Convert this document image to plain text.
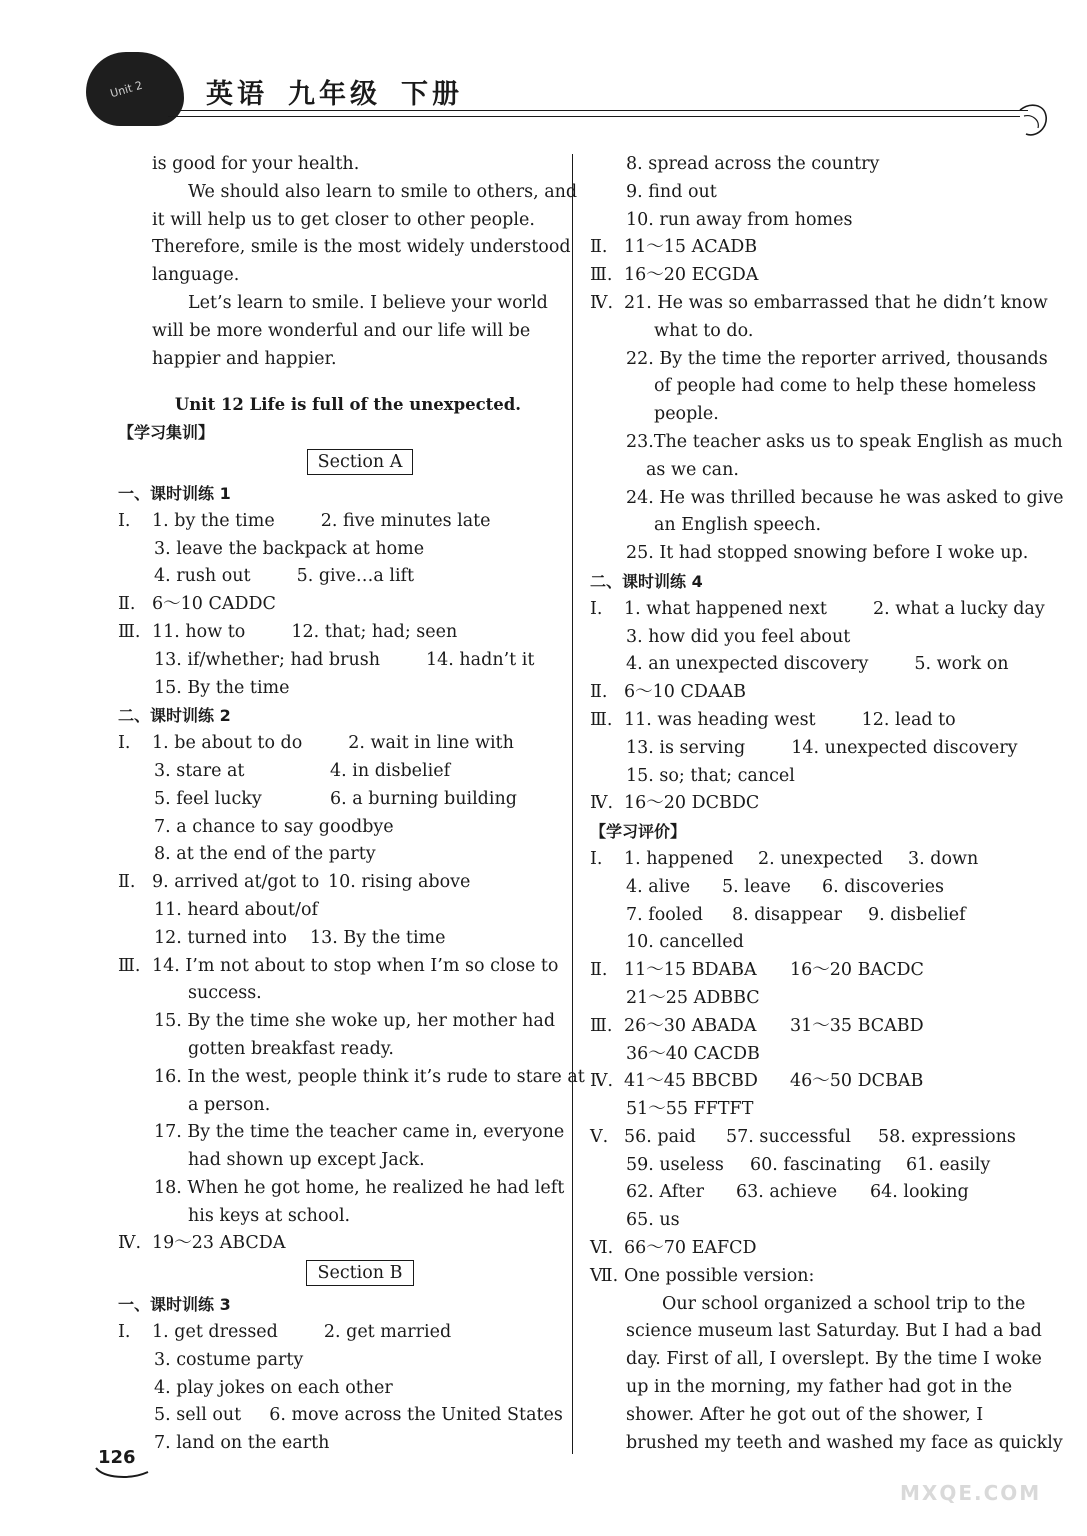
Unit 2 英语 九年级 下册
is good for your health.
We should also learn to smile to others, and
it will help us to get closer to other people.
Therefore, smile is the most widely understood
language.
Let’s learn to smile. I believe your world
will be more wonderful and our life will be
happier and happier.
Unit 12 Life is full of the unexpected.
【学习集训】
Section A
一、课时训练 1
Ⅰ. 1. by the time	2. five minutes late
3. leave the backpack at home
4. rush out	5. give…a lift
Ⅱ. 6～10 CADDC
Ⅲ. 11. how to	12. that; had; seen
13. if/whether; had brush	14. hadn’t it
15. By the time
二、课时训练 2
Ⅰ. 1. be about to do	2. wait in line with
3. stare at	4. in disbelief
5. feel lucky	6. a burning building
7. a chance to say goodbye
8. at the end of the party
Ⅱ. 9. arrived at/got to 10. rising above
11. heard about/of
12. turned into 13. By the time
Ⅲ. 14. I’m not about to stop when I’m so close to
success.
15. By the time she woke up, her mother had
gotten breakfast ready.
16. In the west, people think it’s rude to stare at
a person.
17. By the time the teacher came in, everyone
had shown up except Jack.
18. When he got home, he realized he had left
his keys at school.
Ⅳ. 19～23 ABCDA
Section B
一、课时训练 3
Ⅰ. 1. get dressed	2. get married
3. costume party
4. play jokes on each other
5. sell out 6. move across the United States
7. land on the earth
8. spread across the country
9. find out
10. run away from homes
Ⅱ. 11～15 ACADB
Ⅲ. 16～20 ECGDA
Ⅳ. 21. He was so embarrassed that he didn’t know
what to do.
22. By the time the reporter arrived, thousands
of people had come to help these homeless
people.
23.The teacher asks us to speak English as much
as we can.
24. He was thrilled because he was asked to give
an English speech.
25. It had stopped snowing before I woke up.
二、课时训练 4
Ⅰ. 1. what happened next	2. what a lucky day
3. how did you feel about
4. an unexpected discovery	5. work on
Ⅱ. 6～10 CDAAB
Ⅲ. 11. was heading west	12. lead to
13. is serving	14. unexpected discovery
15. so; that; cancel
Ⅳ. 16～20 DCBDC
【学习评价】
Ⅰ. 1. happened 2. unexpected 3. down
4. alive 5. leave 6. discoveries
7. fooled 8. disappear 9. disbelief
10. cancelled
Ⅱ. 11～15 BDABA 16～20 BACDC
21～25 ADBBC
Ⅲ. 26～30 ABADA 31～35 BCABD
36～40 CACDB
Ⅳ. 41～45 BBCBD 46～50 DCBAB
51～55 FFTFT
Ⅴ. 56. paid 57. successful 58. expressions
59. useless 60. fascinating 61. easily
62. After 63. achieve 64. looking
65. us
Ⅵ. 66～70 EAFCD
Ⅶ. One possible version:
Our school organized a school trip to the
science museum last Saturday. But I had a bad
day. First of all, I overslept. By the time I woke
up in the morning, my father had got in the
shower. After he got out of the shower, I
brushed my teeth and washed my face as quickly
126
MXQE.COM
